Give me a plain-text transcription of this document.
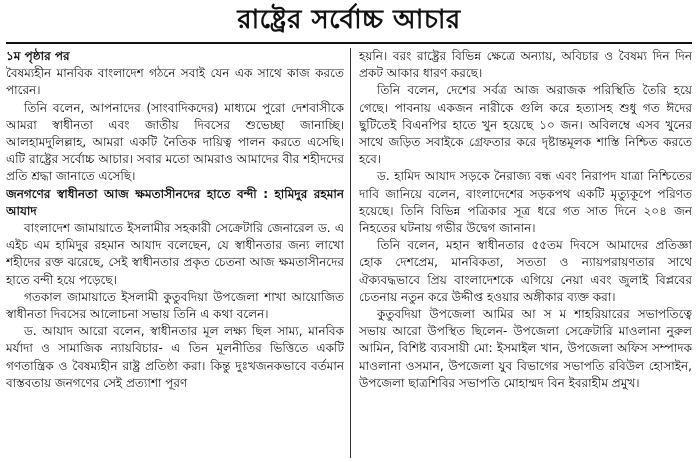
রাষ্ট্রের সর্বোচ্চ আচার

১ম পৃষ্ঠার পর
বৈষম্যহীন মানবিক বাংলাদেশ গঠনে সবাই যেন এক সাথে কাজ করতে পারেন।

তিনি বলেন, আপনাদের (সাংবাদিকদের) মাধ্যমে পুরো দেশবাসীকে আমরা স্বাধীনতা এবং জাতীয় দিবসের শুভেচ্ছা জানাচ্ছি। আলহামদুলিল্লাহ, আমরা একটি নৈতিক দায়িত্ব পালন করতে এসেছি। এটি রাষ্ট্রের সর্বোচ্চ আচার। সবার মতো আমরাও আমাদের বীর শহীদদের প্রতি শ্রদ্ধা জানাতে এসেছি।

জনগণের স্বাধীনতা আজ ক্ষমতাসীনদের হাতে বন্দী : হামিদুর রহমান আযাদ

বাংলাদেশ জামায়াতে ইসলামীর সহকারী সেক্রেটারি জেনারেল ড. এ এইচ এম হামিদুর রহমান আযাদ বলেছেন, যে স্বাধীনতার জন্য লাখো শহীদের রক্ত ঝরেছে, সেই স্বাধীনতার প্রকৃত চেতনা আজ ক্ষমতাসীনদের হাতে বন্দী হয়ে পড়েছে।

গতকাল জামায়াতে ইসলামী কুতুবদিয়া উপজেলা শাখা আয়োজিত স্বাধীনতা দিবসের আলোচনা সভায় তিনি এ কথা বলেন।

ড. আযাদ আরো বলেন, স্বাধীনতার মূল লক্ষ্য ছিল সাম্য, মানবিক মর্যাদা ও সামাজিক ন্যায়বিচার- এ তিন মূলনীতির ভিত্তিতে একটি গণতান্ত্রিক ও বৈষম্যহীন রাষ্ট্র প্রতিষ্ঠা করা। কিন্তু দুঃখজনকভাবে বর্তমান বাস্তবতায় জনগণের সেই প্রত্যাশা পূরণ

হয়নি। বরং রাষ্ট্রের বিভিন্ন ক্ষেত্রে অন্যায়, অবিচার ও বৈষম্য দিন দিন প্রকট আকার ধারণ করছে।

তিনি বলেন, দেশের সর্বত্র আজ অরাজক পরিস্থিতি তৈরি হয়ে গেছে। পাবনায় একজন নারীকে গুলি করে হত্যাসহ শুধু গত ঈদের ছুটিতেই বিএনপির হাতে খুন হয়েছে ১০ জন। অবিলম্বে এসব খুনের সাথে জড়িত সবাইকে গ্রেফতার করে দৃষ্টান্তমূলক শাস্তি নিশ্চিত করতে হবে।

ড. হামিদ আযাদ সড়কে নৈরাজ্য বন্ধ এবং নিরাপদ যাত্রা নিশ্চিতের দাবি জানিয়ে বলেন, বাংলাদেশের সড়কপথ একটি মৃত্যুকূপে পরিণত হয়েছে। তিনি বিভিন্ন পত্রিকার সূত্র ধরে গত সাত দিনে ২০৪ জন নিহতের ঘটনায় গভীর উদ্বেগ জানান।

তিনি বলেন, মহান স্বাধীনতার ৫৫তম দিবসে আমাদের প্রতিজ্ঞা হোক দেশপ্রেম, মানবিকতা, সততা ও ন্যায়পরায়ণতার সাথে ঐক্যবদ্ধভাবে প্রিয় বাংলাদেশকে এগিয়ে নেয়া এবং জুলাই বিপ্লবের চেতনায় নতুন করে উদ্দীপ্ত হওয়ার অঙ্গীকার ব্যক্ত করা।

কুতুবদিয়া উপজেলা আমির আ স ম শাহরিয়ারের সভাপতিত্বে সভায় আরো উপস্থিত ছিলেন- উপজেলা সেক্রেটারি মাওলানা নুরুল আমিন, বিশিষ্ট ব্যবসায়ী মো: ইসমাইল খান, উপজেলা অফিস সম্পাদক মাওলানা ওসমান, উপজেলা যুব বিভাগের সভাপতি রবিউল হোসাইন, উপজেলা ছাত্রশিবির সভাপতি মোহাম্মদ বিন ইবরাহীম প্রমুখ।
